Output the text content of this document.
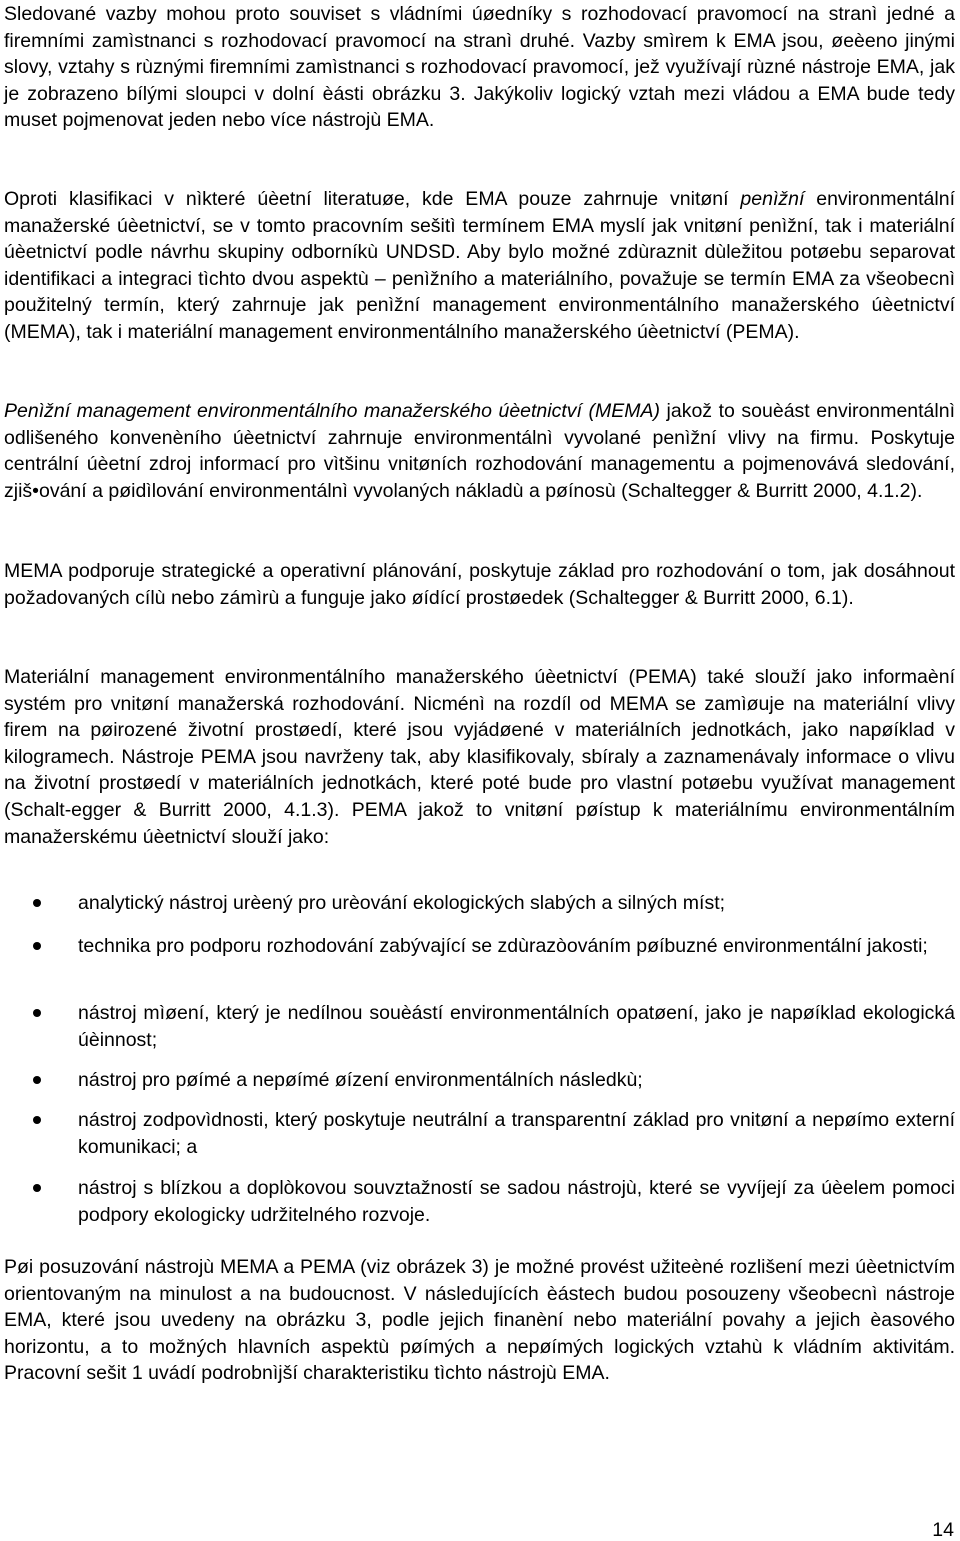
Sledované vazby mohou proto souviset s vládními úøedníky s rozhodovací pravomocí na stranì jedné a firemními zamìstnanci s rozhodovací pravomocí na stranì druhé. Vazby smìrem k EMA jsou, øeèeno jinými slovy, vztahy s rùznými firemními zamìstnanci s rozhodovací pravomocí, jež využívají rùzné nástroje EMA, jak je zobrazeno bílými sloupci v dolní èásti obrázku 3. Jakýkoliv logický vztah mezi vládou a EMA bude tedy muset pojmenovat jeden nebo více nástrojù EMA.

Oproti klasifikaci v nìkteré úèetní literatuøe, kde EMA pouze zahrnuje vnitøní penìžní environmentální manažerské úèetnictví, se v tomto pracovním sešitì termínem EMA myslí jak vnitøní penìžní, tak i materiální úèetnictví podle návrhu skupiny odborníkù UNDSD. Aby bylo možné zdùraznit dùležitou potøebu separovat identifikaci a integraci tìchto dvou aspektù – penìžního a materiálního, považuje se termín EMA za všeobecnì použitelný termín, který zahrnuje jak penìžní management environmentálního manažerského úèetnictví (MEMA), tak i materiální management environmentálního manažerského úèetnictví (PEMA).

Penìžní management environmentálního manažerského úèetnictví (MEMA) jakož to souèást environmentálnì odlišeného konvenèního úèetnictví zahrnuje environmentálnì vyvolané penìžní vlivy na firmu. Poskytuje centrální úèetní zdroj informací pro vìtšinu vnitøních rozhodování managementu a pojmenovává sledování, zjiš•ování a pøidìlování environmentálnì vyvolaných nákladù a pøínosù (Schaltegger & Burritt 2000, 4.1.2).

MEMA podporuje strategické a operativní plánování, poskytuje základ pro rozhodování o tom, jak dosáhnout požadovaných cílù nebo zámìrù a funguje jako øídící prostøedek (Schaltegger & Burritt 2000, 6.1).

Materiální management environmentálního manažerského úèetnictví (PEMA) také slouží jako informaèní systém pro vnitøní manažerská rozhodování. Nicménì na rozdíl od MEMA se zamìøuje na materiální vlivy firem na pøirozené životní prostøedí, které jsou vyjádøené v materiálních jednotkách, jako napøíklad v kilogramech. Nástroje PEMA jsou navrženy tak, aby klasifikovaly, sbíraly a zaznamenávaly informace o vlivu na životní prostøedí v materiálních jednotkách, které poté bude pro vlastní potøebu využívat management (Schalt-egger & Burritt 2000, 4.1.3). PEMA jakož to vnitøní pøístup k materiálnímu environmentálním manažerskému úèetnictví slouží jako:

analytický nástroj urèený pro urèování ekologických slabých a silných míst;
technika pro podporu rozhodování zabývající se zdùrazòováním pøíbuzné environmentální jakosti;
nástroj mìøení, který je nedílnou souèástí environmentálních opatøení, jako je napøíklad ekologická úèinnost;
nástroj pro pøímé a nepøímé øízení environmentálních následkù;
nástroj zodpovìdnosti, který poskytuje neutrální a transparentní základ pro vnitøní a nepøímo externí komunikaci; a
nástroj s blízkou a doplòkovou souvztažností se sadou nástrojù, které se vyvíjejí za úèelem pomoci podpory ekologicky udržitelného rozvoje.

Pøi posuzování nástrojù MEMA a PEMA (viz obrázek 3) je možné provést užiteèné rozlišení mezi úèetnictvím orientovaným na minulost a na budoucnost. V následujících èástech budou posouzeny všeobecnì nástroje EMA, které jsou uvedeny na obrázku 3, podle jejich finanèní nebo materiální povahy a jejich èasového horizontu, a to možných hlavních aspektù pøímých a nepøímých logických vztahù k vládním aktivitám. Pracovní sešit 1 uvádí podrobnìjší charakteristiku tìchto nástrojù EMA.

14
